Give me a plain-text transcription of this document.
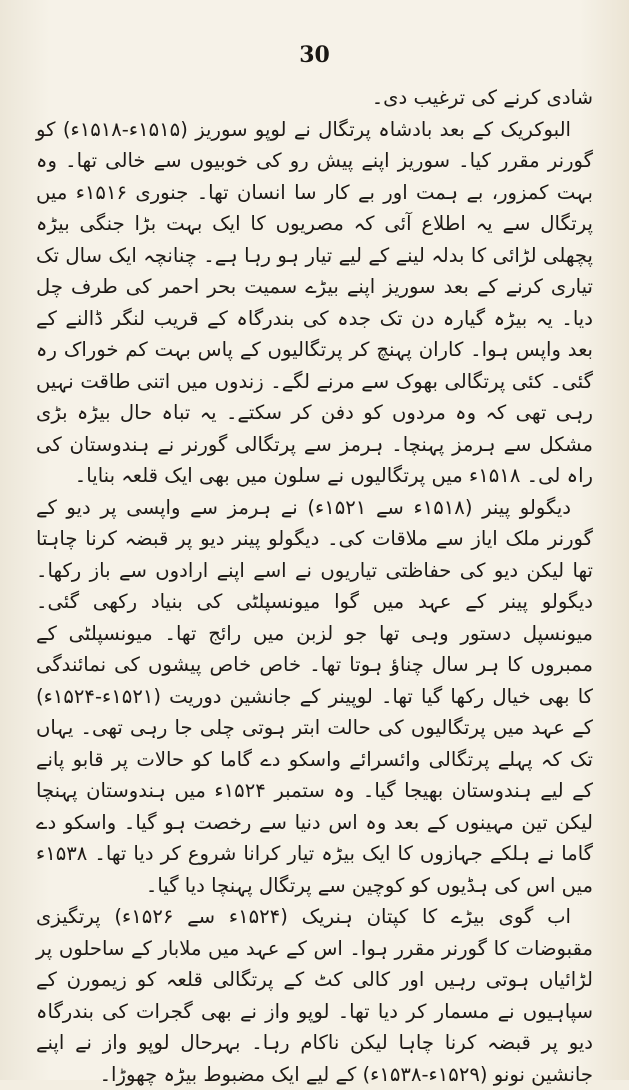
30

شادی کرنے کی ترغیب دی۔

البوکریک کے بعد بادشاہ پرتگال نے لوپو سوریز (۱۵۱۵ء-۱۵۱۸ء) کو گورنر مقرر کیا۔ سوریز اپنے پیش رو کی خوبیوں سے خالی تھا۔ وہ بہت کمزور، بے ہمت اور بے کار سا انسان تھا۔ جنوری ۱۵۱۶ء میں پرتگال سے یہ اطلاع آئی کہ مصریوں کا ایک بہت بڑا جنگی بیڑہ پچھلی لڑائی کا بدلہ لینے کے لیے تیار ہو رہا ہے۔ چنانچہ ایک سال تک تیاری کرنے کے بعد سوریز اپنے بیڑے سمیت بحر احمر کی طرف چل دیا۔ یہ بیڑہ گیارہ دن تک جدہ کی بندرگاہ کے قریب لنگر ڈالنے کے بعد واپس ہوا۔ کاران پہنچ کر پرتگالیوں کے پاس بہت کم خوراک رہ گئی۔ کئی پرتگالی بھوک سے مرنے لگے۔ زندوں میں اتنی طاقت نہیں رہی تھی کہ وہ مردوں کو دفن کر سکتے۔ یہ تباہ حال بیڑہ بڑی مشکل سے ہرمز پہنچا۔ ہرمز سے پرتگالی گورنر نے ہندوستان کی راہ لی۔ ۱۵۱۸ء میں پرتگالیوں نے سلون میں بھی ایک قلعہ بنایا۔

دیگولو پینر (۱۵۱۸ء سے ۱۵۲۱ء) نے ہرمز سے واپسی پر دیو کے گورنر ملک ایاز سے ملاقات کی۔ دیگولو پینر دیو پر قبضہ کرنا چاہتا تھا لیکن دیو کی حفاظتی تیاریوں نے اسے اپنے ارادوں سے باز رکھا۔ دیگولو پینر کے عہد میں گوا میونسپلٹی کی بنیاد رکھی گئی۔ میونسپل دستور وہی تھا جو لزبن میں رائج تھا۔ میونسپلٹی کے ممبروں کا ہر سال چناؤ ہوتا تھا۔ خاص خاص پیشوں کی نمائندگی کا بھی خیال رکھا گیا تھا۔ لوپینر کے جانشین دوریت (۱۵۲۱ء-۱۵۲۴ء) کے عہد میں پرتگالیوں کی حالت ابتر ہوتی چلی جا رہی تھی۔ یہاں تک کہ پہلے پرتگالی وائسرائے واسکو دے گاما کو حالات پر قابو پانے کے لیے ہندوستان بھیجا گیا۔ وہ ستمبر ۱۵۲۴ء میں ہندوستان پہنچا لیکن تین مہینوں کے بعد وہ اس دنیا سے رخصت ہو گیا۔ واسکو دے گاما نے ہلکے جہازوں کا ایک بیڑہ تیار کرانا شروع کر دیا تھا۔ ۱۵۳۸ء میں اس کی ہڈیوں کو کوچین سے پرتگال پہنچا دیا گیا۔

اب گوی بیڑے کا کپتان ہنریک (۱۵۲۴ء سے ۱۵۲۶ء) پرتگیزی مقبوضات کا گورنر مقرر ہوا۔ اس کے عہد میں ملابار کے ساحلوں پر لڑائیاں ہوتی رہیں اور کالی کٹ کے پرتگالی قلعہ کو زیمورن کے سپاہیوں نے مسمار کر دیا تھا۔ لوپو واز نے بھی گجرات کی بندرگاہ دیو پر قبضہ کرنا چاہا لیکن ناکام رہا۔ بہرحال لوپو واز نے اپنے جانشین نونو (۱۵۲۹ء-۱۵۳۸ء) کے لیے ایک مضبوط بیڑہ چھوڑا۔
